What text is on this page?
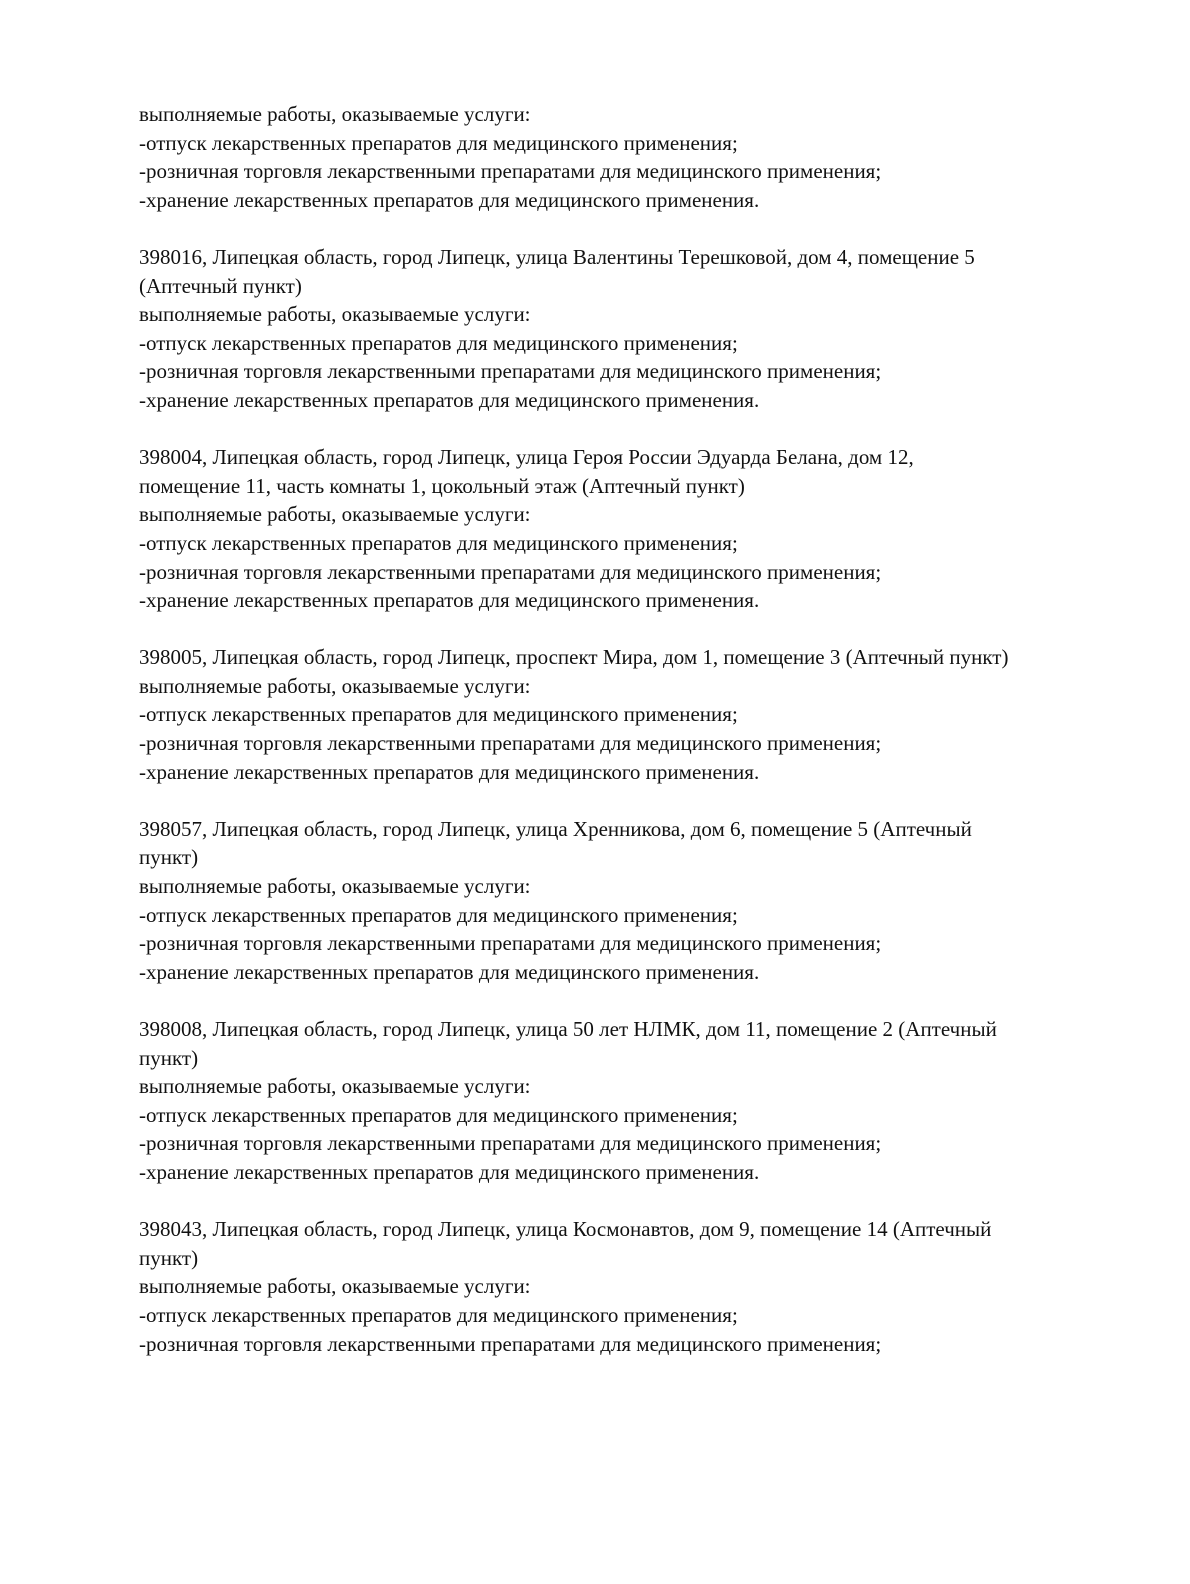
выполняемые работы, оказываемые услуги:
-отпуск лекарственных препаратов для медицинского применения;
-розничная торговля лекарственными препаратами для медицинского применения;
-хранение лекарственных препаратов для медицинского применения.
398016, Липецкая область, город Липецк, улица Валентины Терешковой, дом 4, помещение 5
(Аптечный пункт)
выполняемые работы, оказываемые услуги:
-отпуск лекарственных препаратов для медицинского применения;
-розничная торговля лекарственными препаратами для медицинского применения;
-хранение лекарственных препаратов для медицинского применения.
398004, Липецкая область, город Липецк, улица Героя России Эдуарда Белана, дом 12,
помещение 11, часть комнаты 1, цокольный этаж (Аптечный пункт)
выполняемые работы, оказываемые услуги:
-отпуск лекарственных препаратов для медицинского применения;
-розничная торговля лекарственными препаратами для медицинского применения;
-хранение лекарственных препаратов для медицинского применения.
398005, Липецкая область, город Липецк, проспект Мира, дом 1, помещение 3 (Аптечный пункт)
выполняемые работы, оказываемые услуги:
-отпуск лекарственных препаратов для медицинского применения;
-розничная торговля лекарственными препаратами для медицинского применения;
-хранение лекарственных препаратов для медицинского применения.
398057, Липецкая область, город Липецк, улица Хренникова, дом 6, помещение 5 (Аптечный
пункт)
выполняемые работы, оказываемые услуги:
-отпуск лекарственных препаратов для медицинского применения;
-розничная торговля лекарственными препаратами для медицинского применения;
-хранение лекарственных препаратов для медицинского применения.
398008, Липецкая область, город Липецк, улица 50 лет НЛМК, дом 11, помещение 2 (Аптечный
пункт)
выполняемые работы, оказываемые услуги:
-отпуск лекарственных препаратов для медицинского применения;
-розничная торговля лекарственными препаратами для медицинского применения;
-хранение лекарственных препаратов для медицинского применения.
398043, Липецкая область, город Липецк, улица Космонавтов, дом 9, помещение 14 (Аптечный
пункт)
выполняемые работы, оказываемые услуги:
-отпуск лекарственных препаратов для медицинского применения;
-розничная торговля лекарственными препаратами для медицинского применения;
